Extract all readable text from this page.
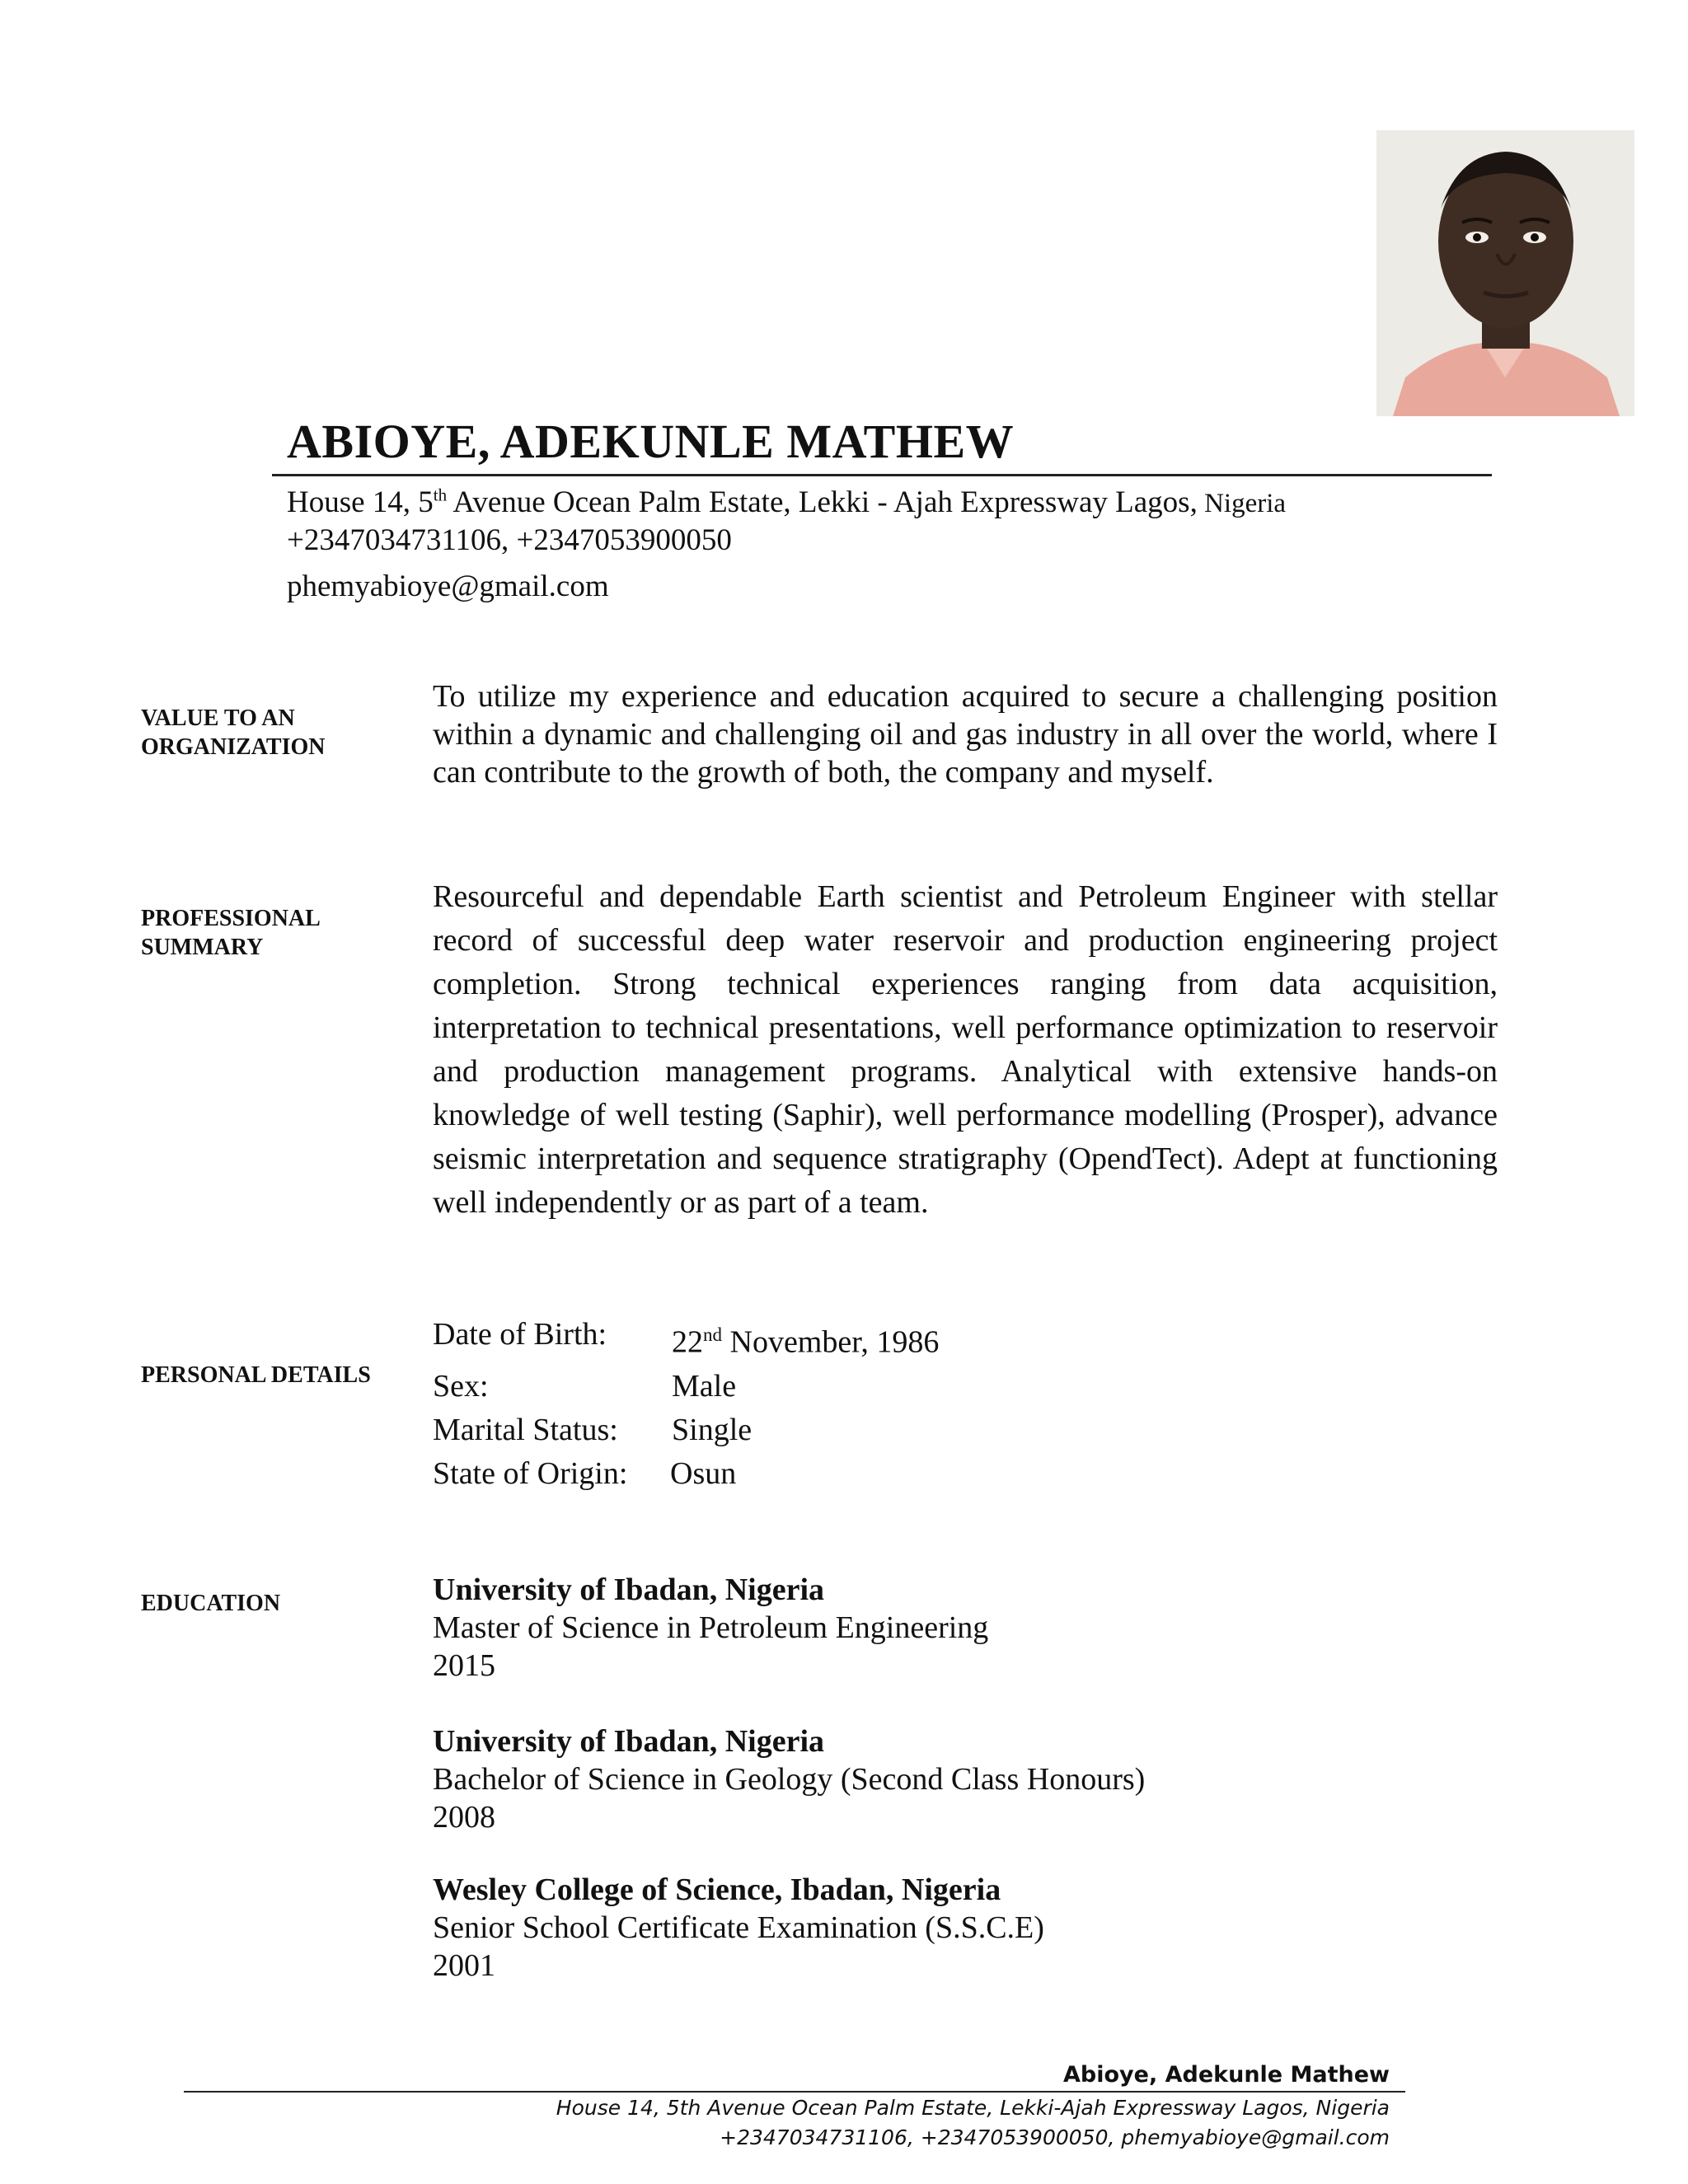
ABIOYE, ADEKUNLE MATHEW
House 14, 5th Avenue Ocean Palm Estate, Lekki - Ajah Expressway Lagos, Nigeria
+2347034731106, +2347053900050
phemyabioye@gmail.com
VALUE TO AN
ORGANIZATION
To utilize my experience and education acquired to secure a challenging position within a dynamic and challenging oil and gas industry in all over the world, where I can contribute to the growth of both, the company and myself.
PROFESSIONAL
SUMMARY
Resourceful and dependable Earth scientist and Petroleum Engineer with stellar record of successful deep water reservoir and production engineering project completion. Strong technical experiences ranging from data acquisition, interpretation to technical presentations, well performance optimization to reservoir and production management programs. Analytical with extensive hands-on knowledge of well testing (Saphir), well performance modelling (Prosper), advance seismic interpretation and sequence stratigraphy (OpendTect). Adept at functioning well independently or as part of a team.
PERSONAL DETAILS
Date of Birth:	22nd November, 1986
Sex:	Male
Marital Status:	Single
State of Origin:	Osun
EDUCATION	University of Ibadan, Nigeria
Master of Science in Petroleum Engineering
2015
University of Ibadan, Nigeria
Bachelor of Science in Geology (Second Class Honours)
2008
Wesley College of Science, Ibadan, Nigeria
Senior School Certificate Examination (S.S.C.E)
2001
Abioye, Adekunle Mathew
House 14, 5th Avenue Ocean Palm Estate, Lekki-Ajah Expressway Lagos, Nigeria
+2347034731106, +2347053900050, phemyabioye@gmail.com
